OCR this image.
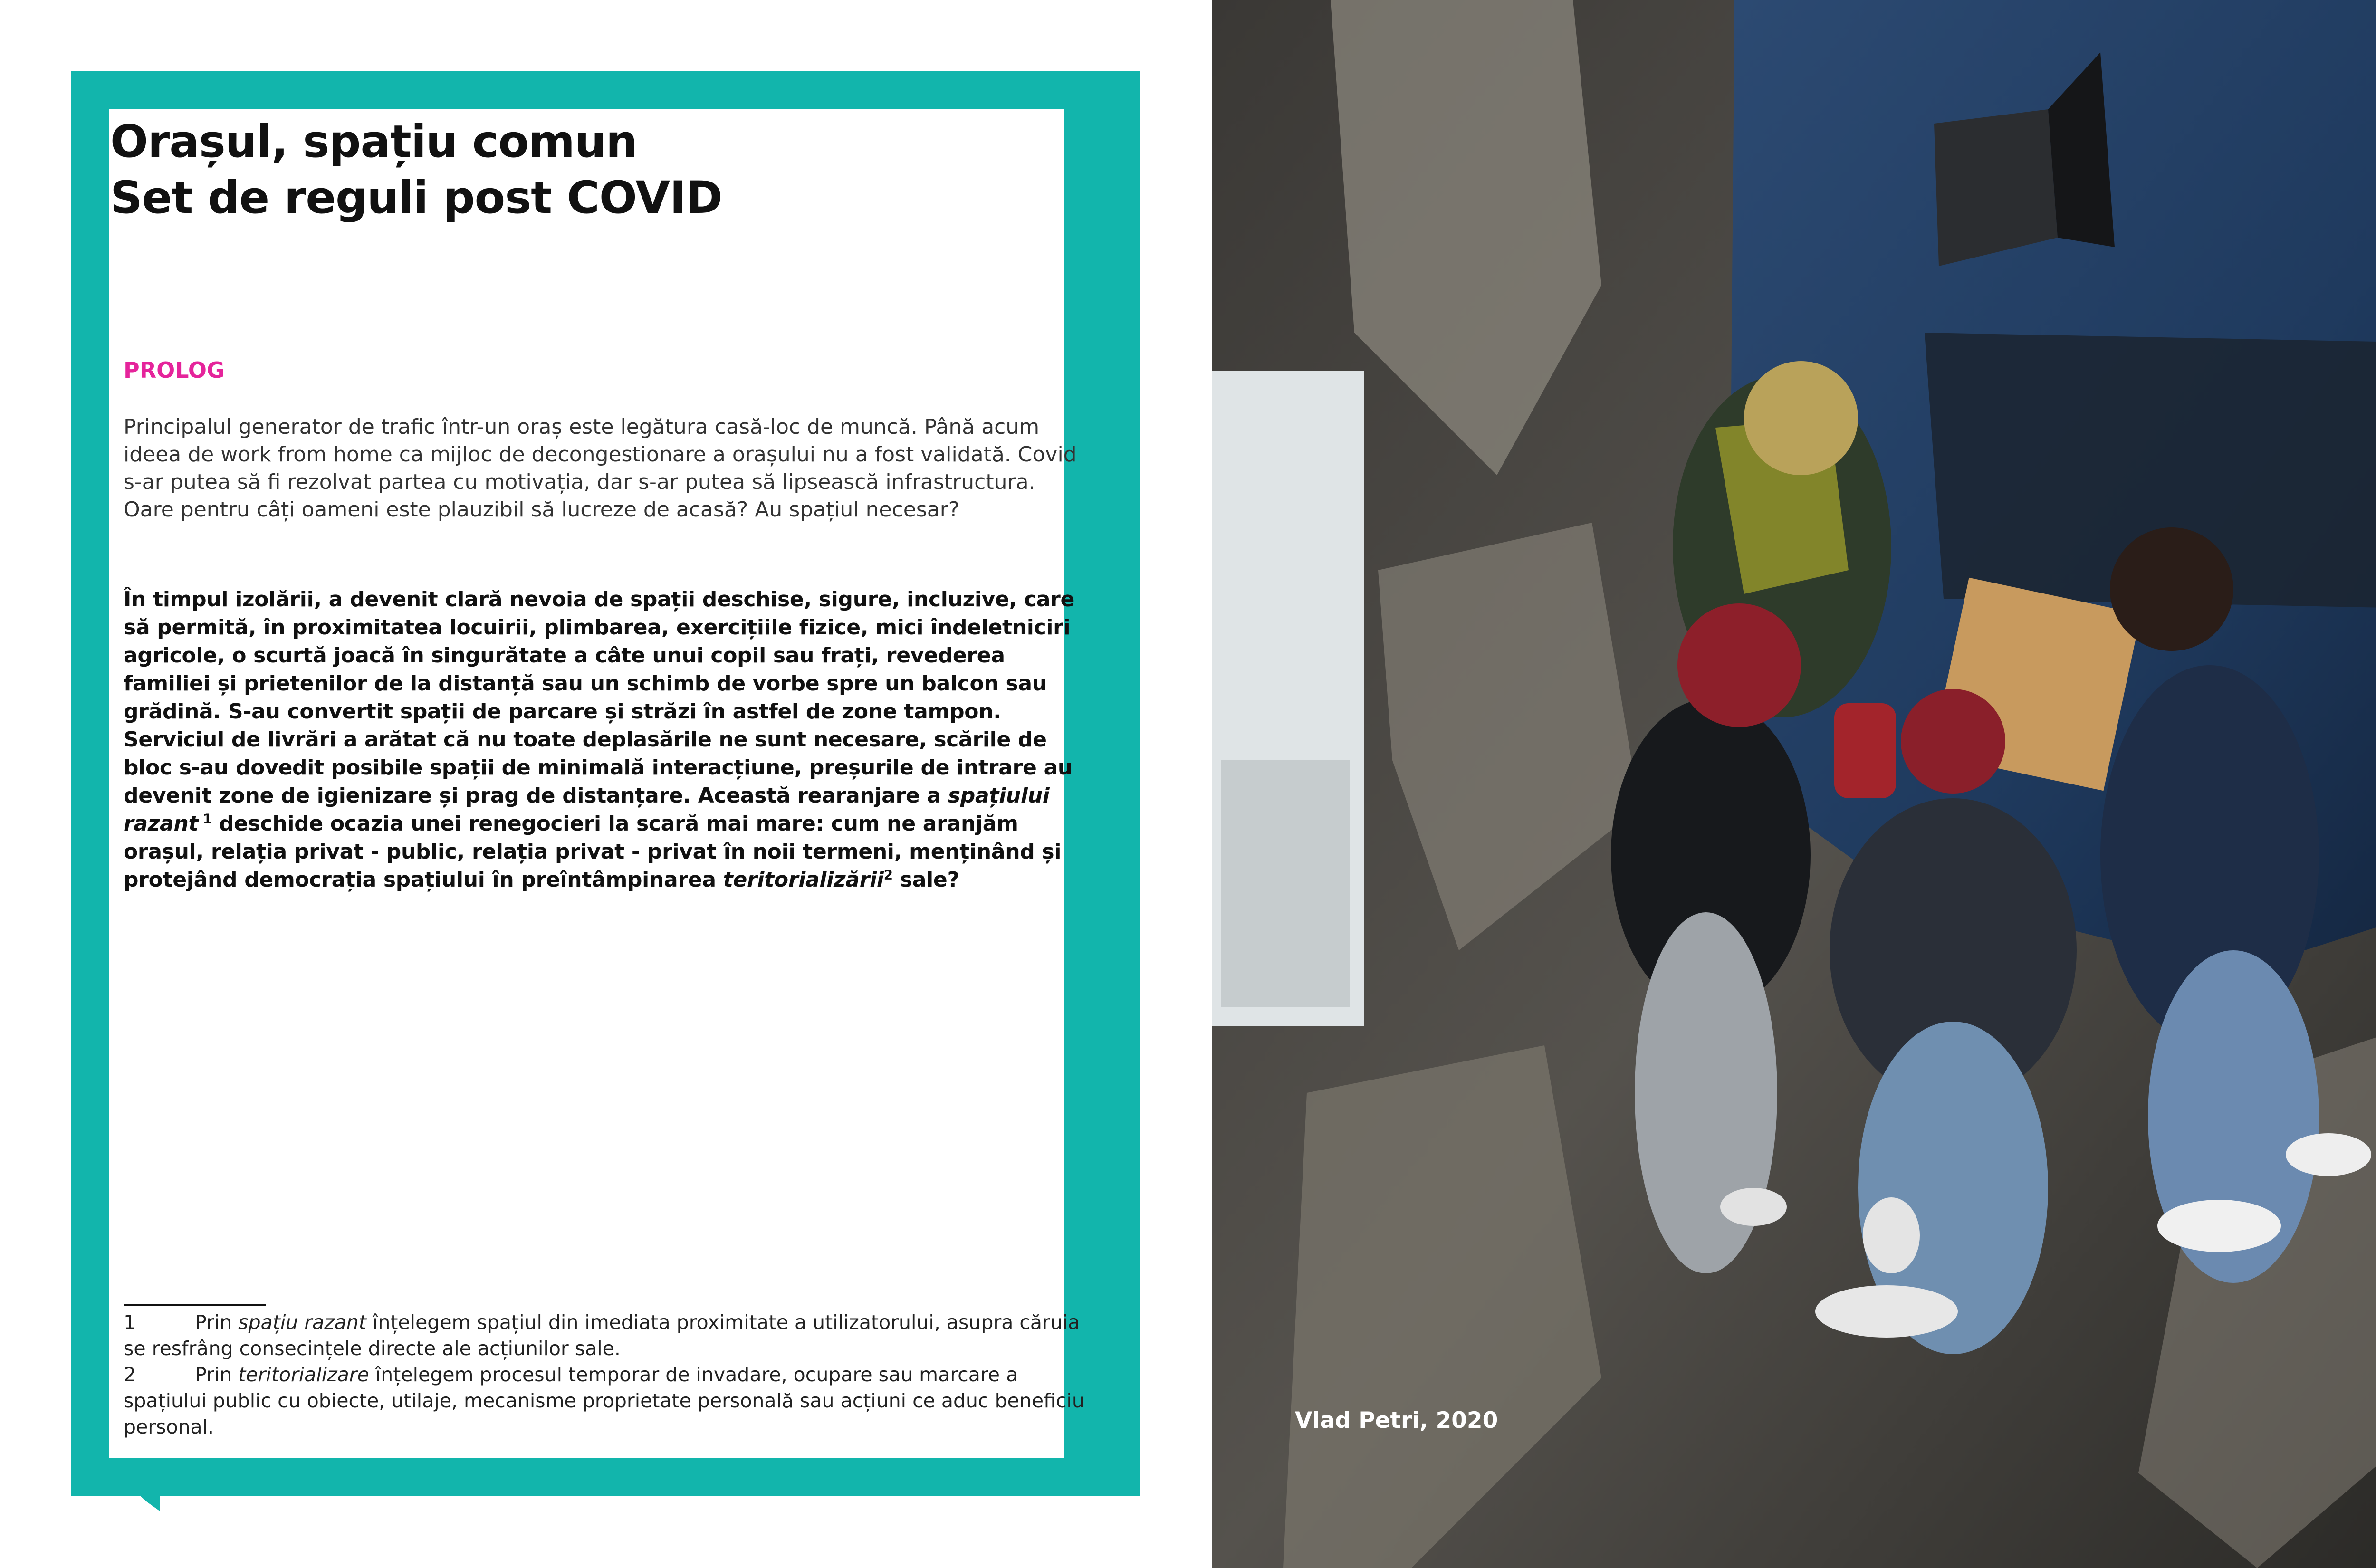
Orașul, spațiu comun
Set de reguli post COVID

PROLOG

Principalul generator de trafic într-un oraș este legătura casă-loc de muncă. Până acum ideea de work from home ca mijloc de decongestionare a orașului nu a fost validată. Covid s-ar putea să fi rezolvat partea cu motivația, dar s-ar putea să lipsească infrastructura. Oare pentru câți oameni este plauzibil să lucreze de acasă? Au spațiul necesar?

În timpul izolării, a devenit clară nevoia de spații deschise, sigure, incluzive, care să permită, în proximitatea locuirii, plimbarea, exercițiile fizice, mici îndeletniciri agricole, o scurtă joacă în singurătate a câte unui copil sau frați, revederea familiei și prietenilor de la distanță sau un schimb de vorbe spre un balcon sau grădină. S-au convertit spații de parcare și străzi în astfel de zone tampon. Serviciul de livrări a arătat că nu toate deplasările ne sunt necesare, scările de bloc s-au dovedit posibile spații de minimală interacțiune, preșurile de intrare au devenit zone de igienizare și prag de distanțare. Această rearanjare a spațiului razant $^1$ deschide ocazia unei renegocieri la scară mai mare: cum ne aranjăm orașul, relația privat - public, relația privat - privat în noii termeni, menținând și protejând democrația spațiului în preîntâmpinarea teritorializării$^2$ sale?

1	Prin spațiu razant înțelegem spațiul din imediata proximitate a utilizatorului, asupra căruia se resfrâng consecințele directe ale acțiunilor sale.
2	Prin teritorializare înțelegem procesul temporar de invadare, ocupare sau marcare a spațiului public cu obiecte, utilaje, mecanisme proprietate personală sau acțiuni ce aduc beneficiu personal.	Vlad Petri, 2020
